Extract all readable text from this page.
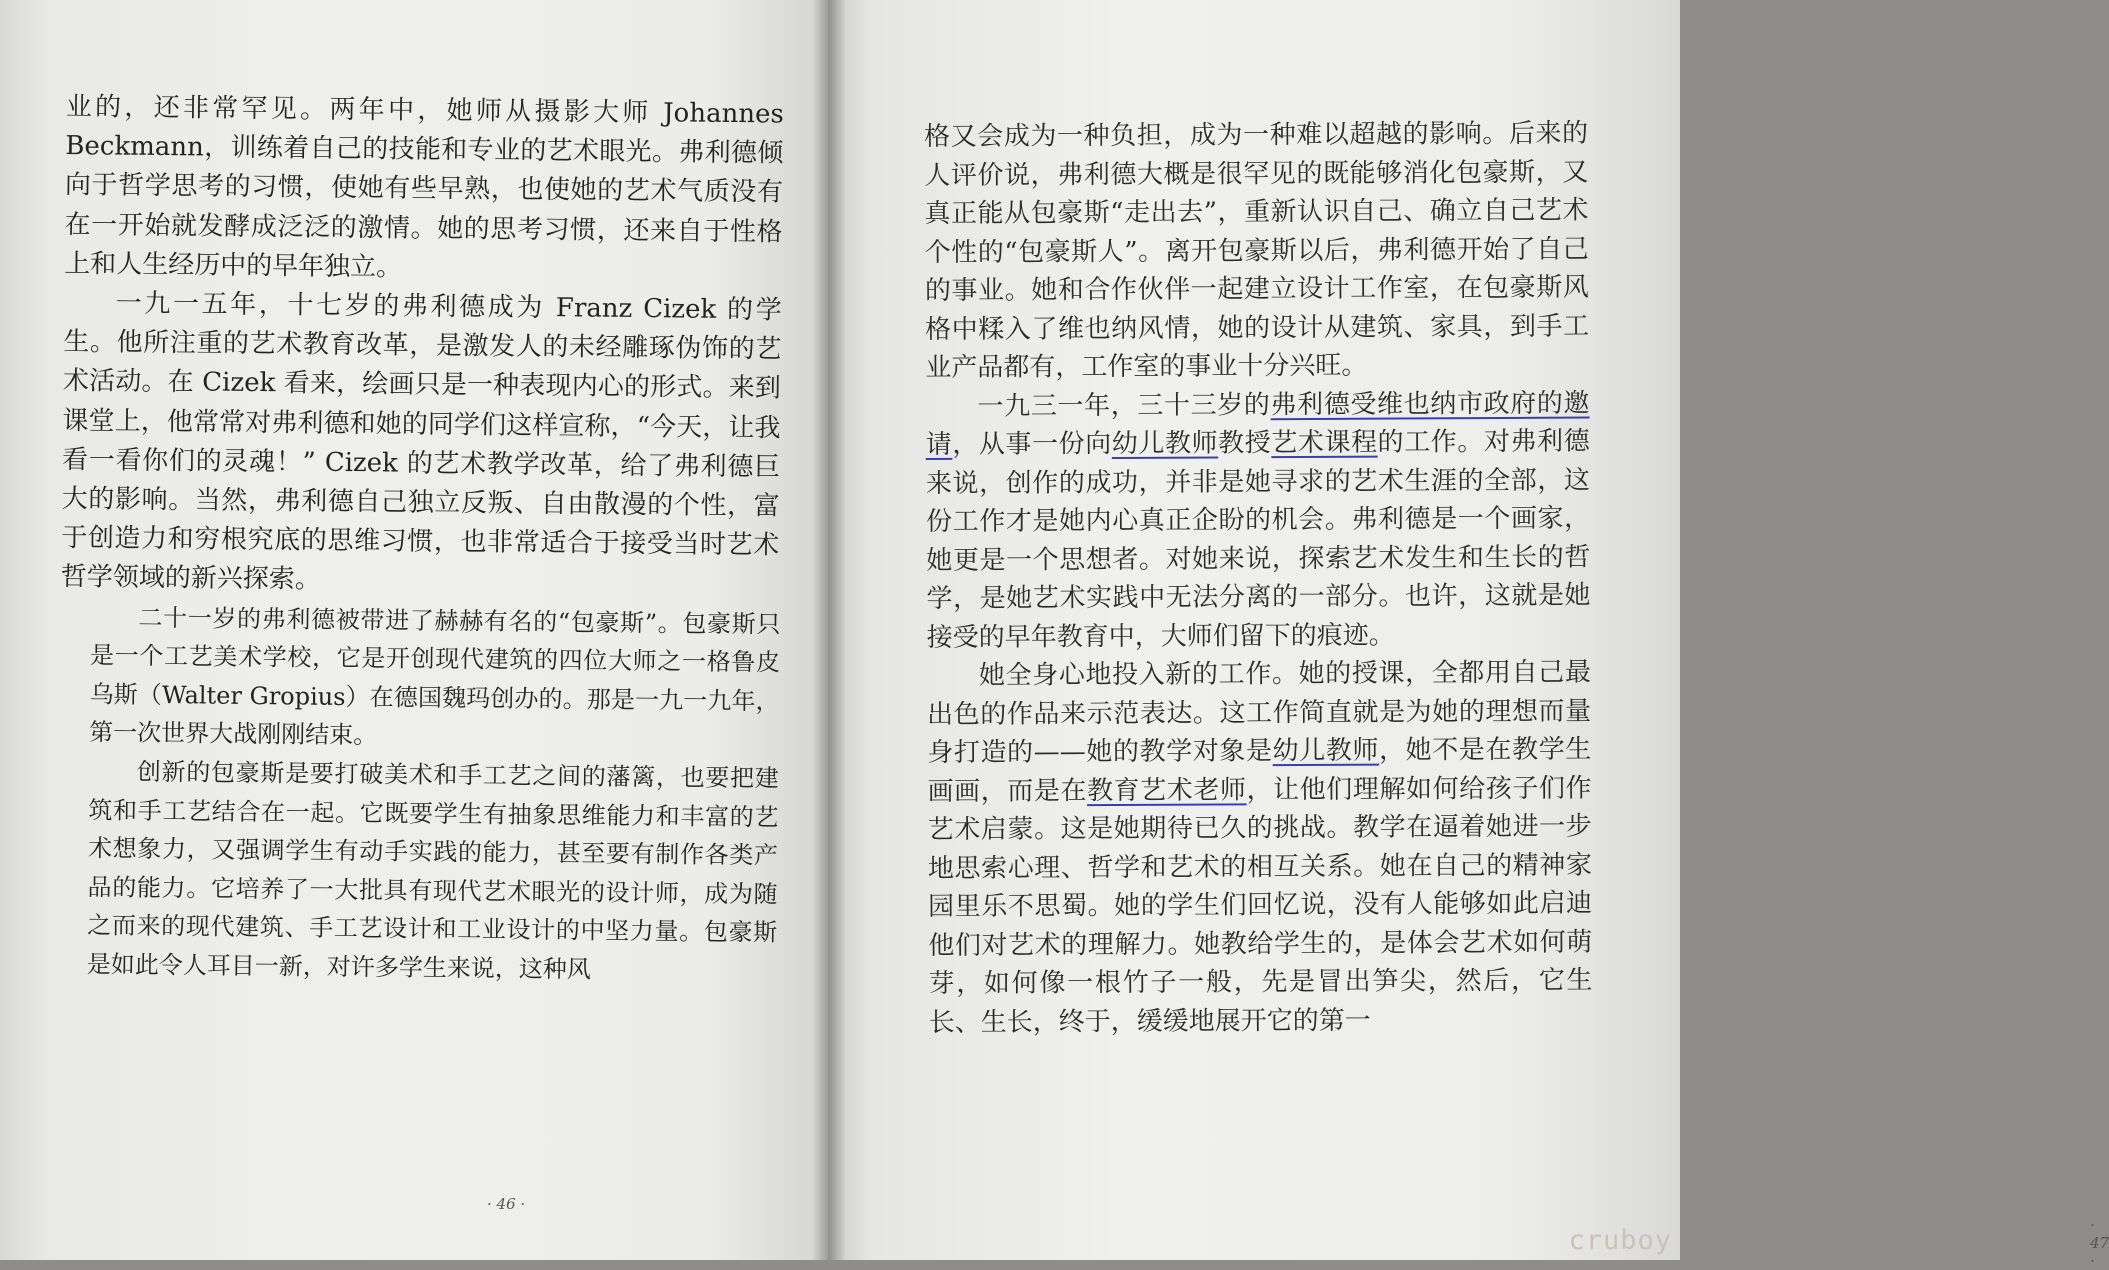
业的，还非常罕见。两年中，她师从摄影大师 Johannes Beckmann，训练着自己的技能和专业的艺术眼光。弗利德倾向于哲学思考的习惯，使她有些早熟，也使她的艺术气质没有在一开始就发酵成泛泛的激情。她的思考习惯，还来自于性格上和人生经历中的早年独立。

一九一五年，十七岁的弗利德成为 Franz Cizek 的学生。他所注重的艺术教育改革，是激发人的未经雕琢伪饰的艺术活动。在 Cizek 看来，绘画只是一种表现内心的形式。来到课堂上，他常常对弗利德和她的同学们这样宣称，“今天，让我看一看你们的灵魂！” Cizek 的艺术教学改革，给了弗利德巨大的影响。当然，弗利德自己独立反叛、自由散漫的个性，富于创造力和穷根究底的思维习惯，也非常适合于接受当时艺术哲学领域的新兴探索。

二十一岁的弗利德被带进了赫赫有名的“包豪斯”。包豪斯只是一个工艺美术学校，它是开创现代建筑的四位大师之一格鲁皮乌斯（Walter Gropius）在德国魏玛创办的。那是一九一九年，第一次世界大战刚刚结束。

创新的包豪斯是要打破美术和手工艺之间的藩篱，也要把建筑和手工艺结合在一起。它既要学生有抽象思维能力和丰富的艺术想象力，又强调学生有动手实践的能力，甚至要有制作各类产品的能力。它培养了一大批具有现代艺术眼光的设计师，成为随之而来的现代建筑、手工艺设计和工业设计的中坚力量。包豪斯是如此令人耳目一新，对许多学生来说，这种风

· 46 ·

格又会成为一种负担，成为一种难以超越的影响。后来的人评价说，弗利德大概是很罕见的既能够消化包豪斯，又真正能从包豪斯“走出去”，重新认识自己、确立自己艺术个性的“包豪斯人”。离开包豪斯以后，弗利德开始了自己的事业。她和合作伙伴一起建立设计工作室，在包豪斯风格中糅入了维也纳风情，她的设计从建筑、家具，到手工业产品都有，工作室的事业十分兴旺。

一九三一年，三十三岁的弗利德受维也纳市政府的邀请，从事一份向幼儿教师教授艺术课程的工作。对弗利德来说，创作的成功，并非是她寻求的艺术生涯的全部，这份工作才是她内心真正企盼的机会。弗利德是一个画家，她更是一个思想者。对她来说，探索艺术发生和生长的哲学，是她艺术实践中无法分离的一部分。也许，这就是她接受的早年教育中，大师们留下的痕迹。

她全身心地投入新的工作。她的授课，全都用自己最出色的作品来示范表达。这工作简直就是为她的理想而量身打造的——她的教学对象是幼儿教师，她不是在教学生画画，而是在教育艺术老师，让他们理解如何给孩子们作艺术启蒙。这是她期待已久的挑战。教学在逼着她进一步地思索心理、哲学和艺术的相互关系。她在自己的精神家园里乐不思蜀。她的学生们回忆说，没有人能够如此启迪他们对艺术的理解力。她教给学生的，是体会艺术如何萌芽，如何像一根竹子一般，先是冒出笋尖，然后，它生长、生长，终于，缓缓地展开它的第一

· 47 ·
cruboy
